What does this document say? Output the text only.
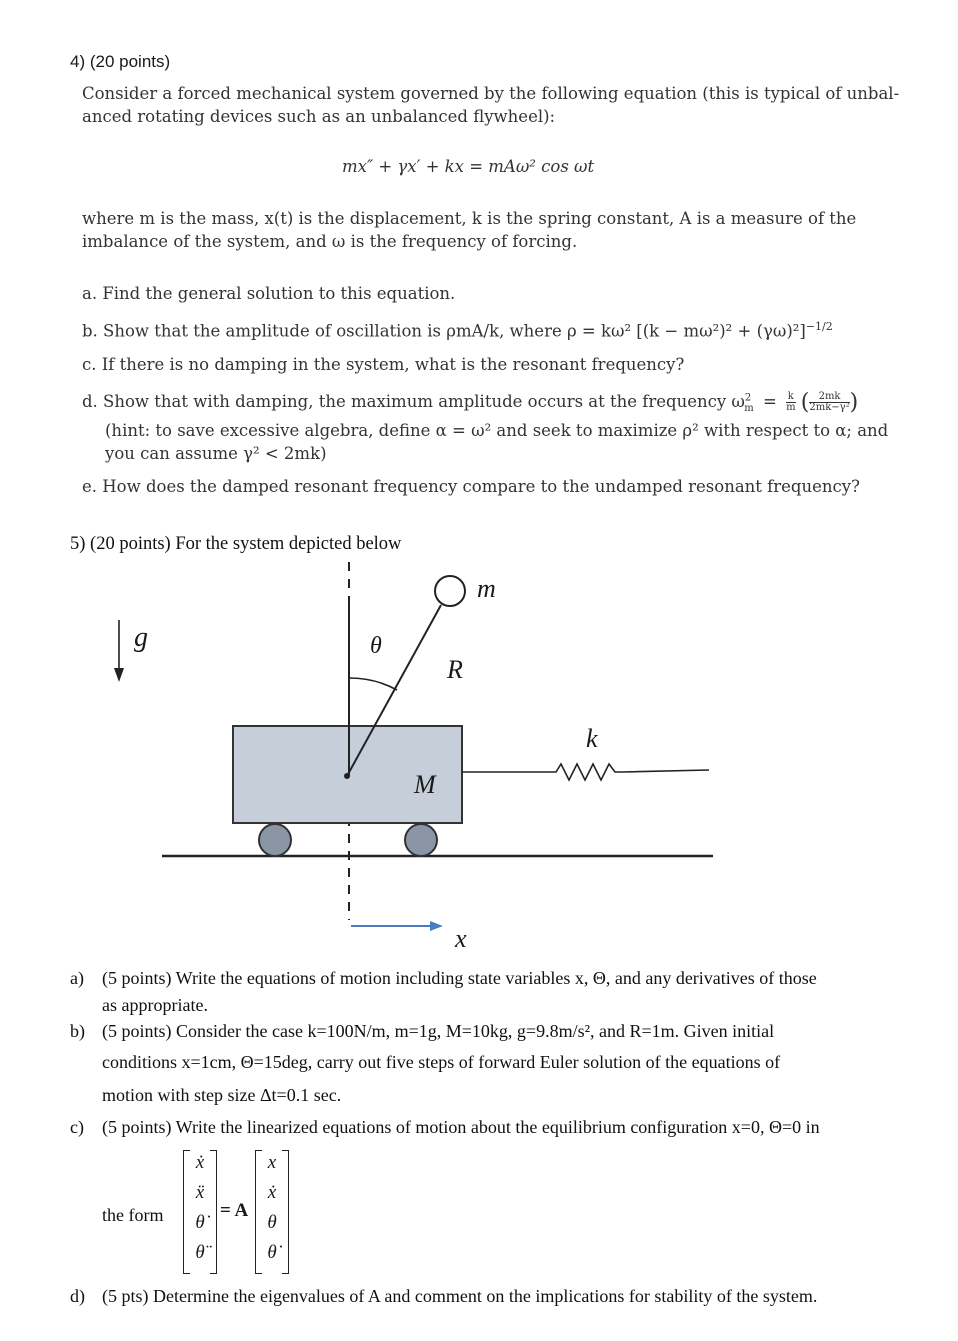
4) (20 points)
Consider a forced mechanical system governed by the following equation (this is typical of unbal-
anced rotating devices such as an unbalanced flywheel):
mx″ + γx′ + kx = mAω² cos ωt
where m is the mass, x(t) is the displacement, k is the spring constant, A is a measure of the
imbalance of the system, and ω is the frequency of forcing.
a. Find the general solution to this equation.
b. Show that the amplitude of oscillation is ρmA/k, where ρ = kω² $[(k - m\omega^2)^2 + (\gamma\omega)^2]^{-1/2}$
c. If there is no damping in the system, what is the resonant frequency?
d. Show that with damping, the maximum amplitude occurs at the frequency $\omega^2_m = \frac{k}{m}$ ( $\frac{2mk}{\text{2mk−γ²}}$ )
(hint: to save excessive algebra, define α = ω² and seek to maximize ρ² with respect to α; and
you can assume γ² < 2mk)
e. How does the damped resonant frequency compare to the undamped resonant frequency?
5) (20 points) For the system depicted below
g	θ
m
R
k
M
x
a) (5 points) Write the equations of motion including state variables x, Θ, and any derivatives of those
as appropriate.
b) (5 points) Consider the case k=100N/m, m=1g, M=10kg, g=9.8m/s², and R=1m. Given initial
conditions x=1cm, Θ=15deg, carry out five steps of forward Euler solution of the equations of
motion with step size Δt=0.1 sec.
c) (5 points) Write the linearized equations of motion about the equilibrium configuration x=0, Θ=0 in
the form
ẋ
ẍ
θ̇
θ̈
= A
x
ẋ
θ
θ̇
d) (5 pts) Determine the eigenvalues of A and comment on the implications for stability of the system.
